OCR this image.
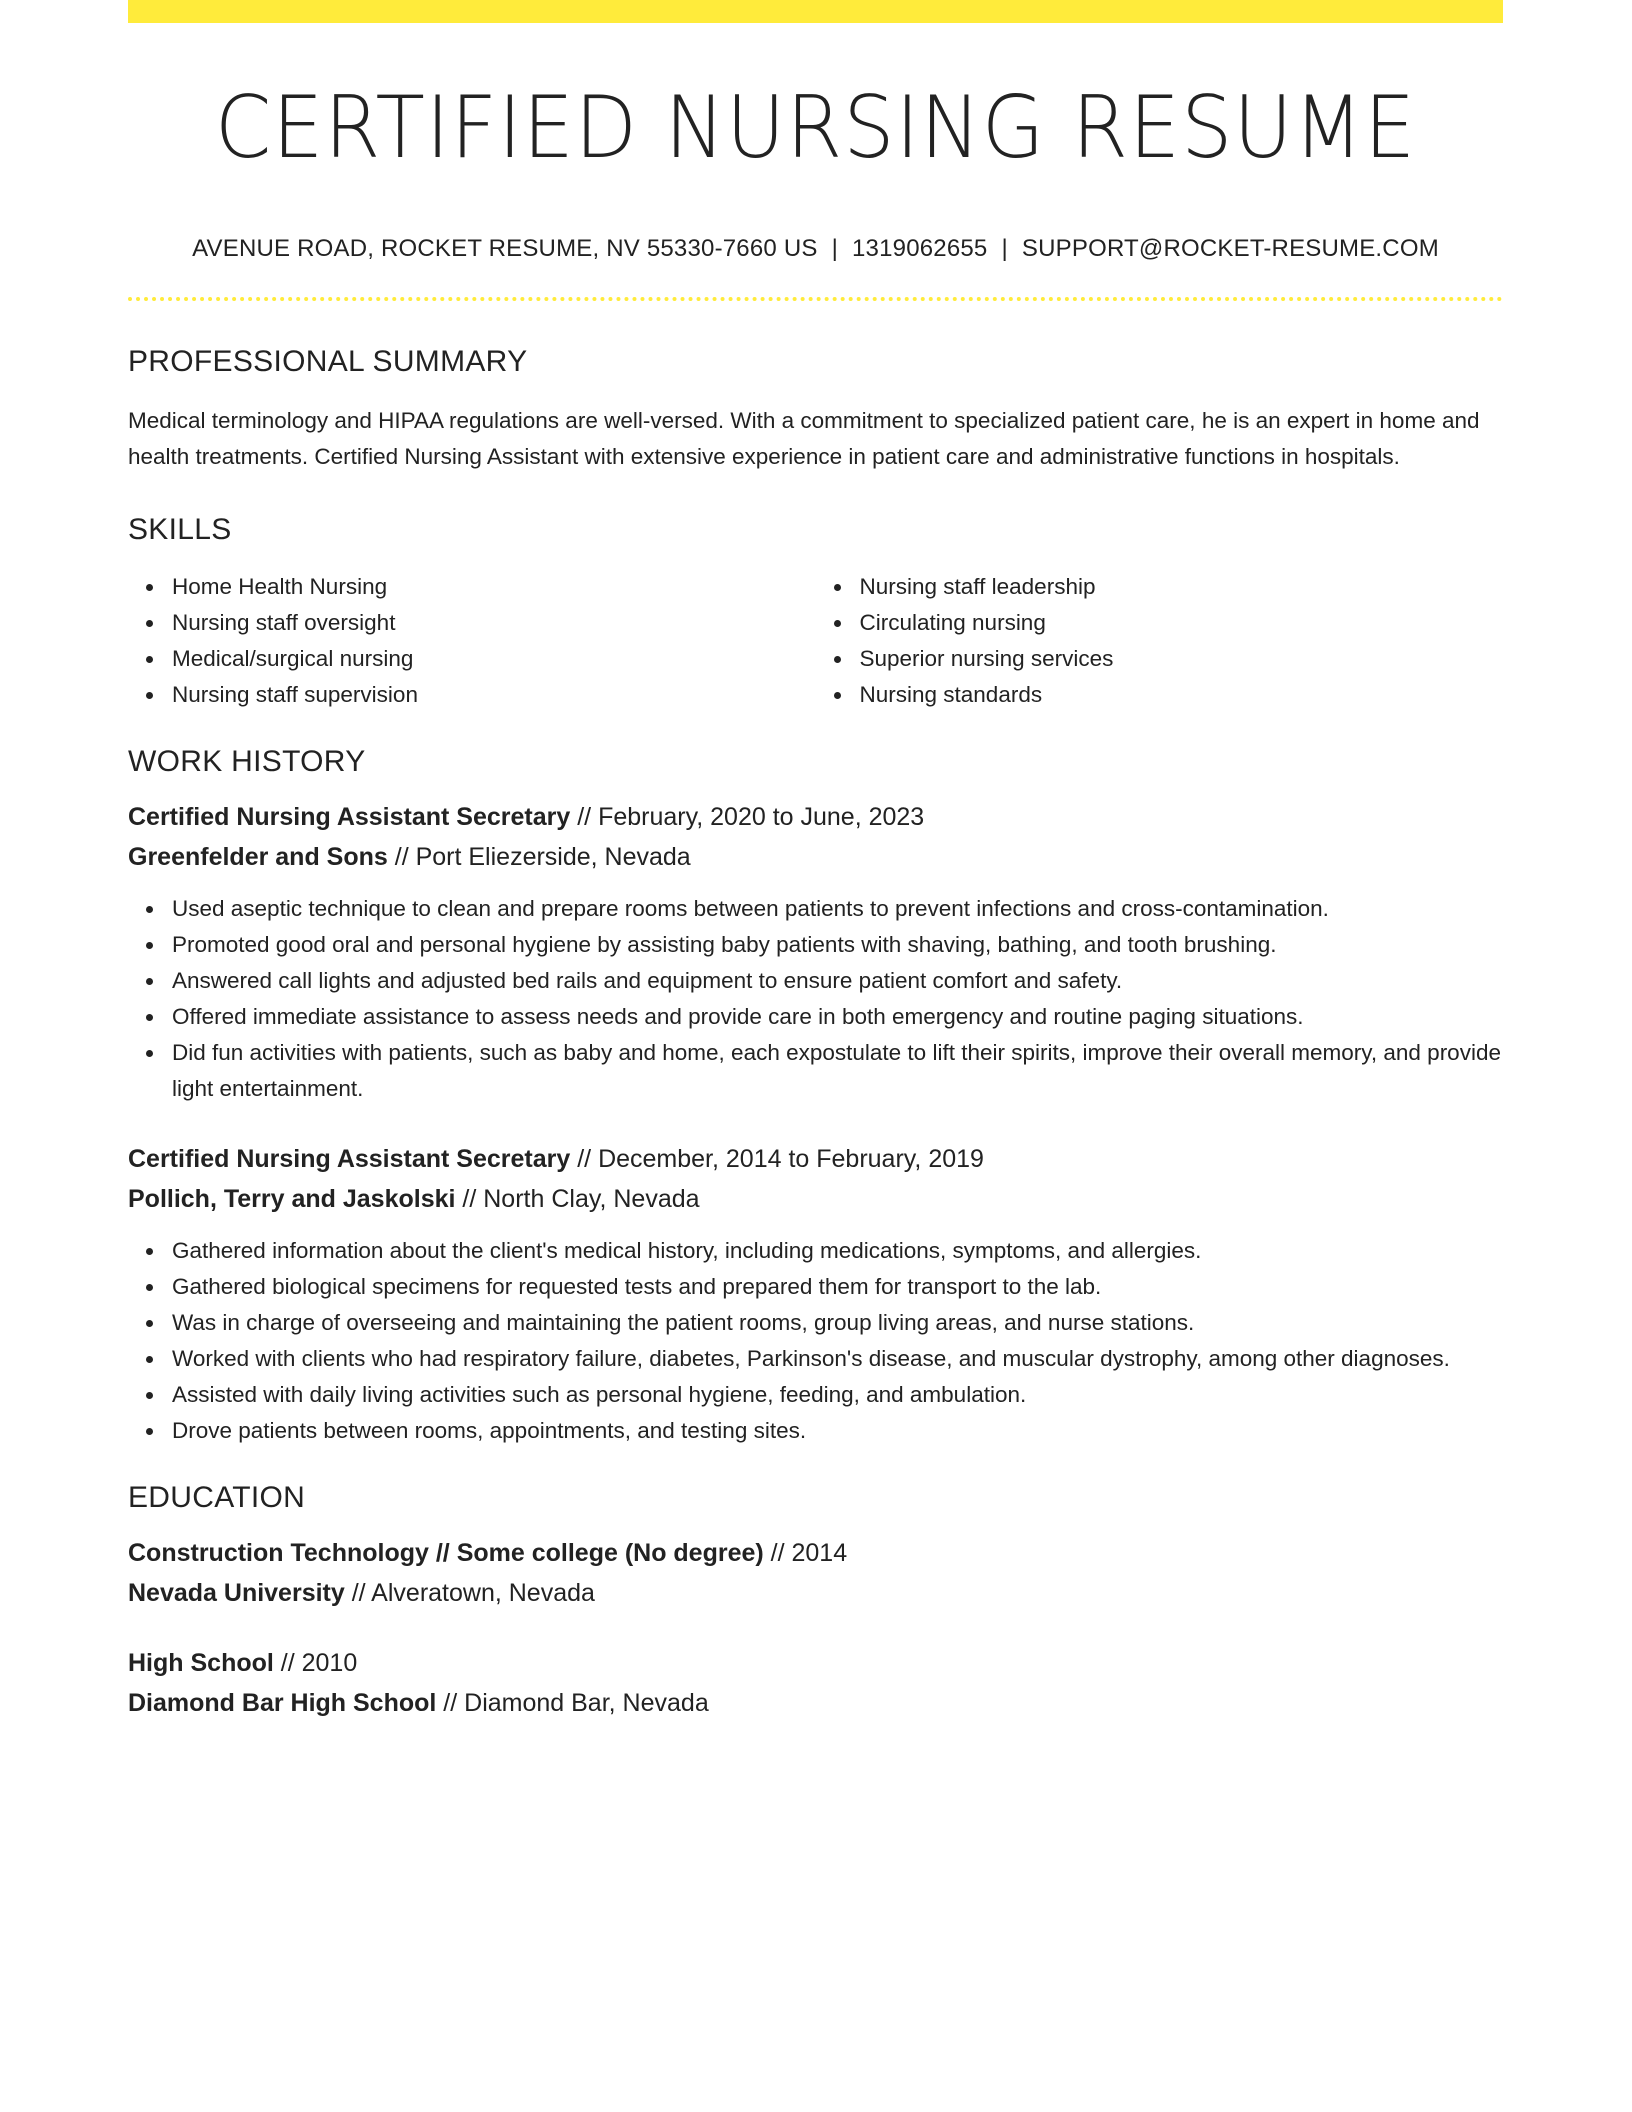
CERTIFIED NURSING RESUME
AVENUE ROAD, ROCKET RESUME, NV 55330-7660 US | 1319062655 | SUPPORT@ROCKET-RESUME.COM
PROFESSIONAL SUMMARY

Medical terminology and HIPAA regulations are well-versed. With a commitment to specialized patient care, he is an expert in home and health treatments. Certified Nursing Assistant with extensive experience in patient care and administrative functions in hospitals.

SKILLS
Home Health Nursing
Nursing staff oversight
Medical/surgical nursing
Nursing staff supervision
Nursing staff leadership
Circulating nursing
Superior nursing services
Nursing standards
WORK HISTORY
Certified Nursing Assistant Secretary // February, 2020 to June, 2023
Greenfelder and Sons // Port Eliezerside, Nevada
Used aseptic technique to clean and prepare rooms between patients to prevent infections and cross-contamination.
Promoted good oral and personal hygiene by assisting baby patients with shaving, bathing, and tooth brushing.
Answered call lights and adjusted bed rails and equipment to ensure patient comfort and safety.
Offered immediate assistance to assess needs and provide care in both emergency and routine paging situations.
Did fun activities with patients, such as baby and home, each expostulate to lift their spirits, improve their overall memory, and provide light entertainment.
Certified Nursing Assistant Secretary // December, 2014 to February, 2019
Pollich, Terry and Jaskolski // North Clay, Nevada
Gathered information about the client's medical history, including medications, symptoms, and allergies.
Gathered biological specimens for requested tests and prepared them for transport to the lab.
Was in charge of overseeing and maintaining the patient rooms, group living areas, and nurse stations.
Worked with clients who had respiratory failure, diabetes, Parkinson's disease, and muscular dystrophy, among other diagnoses.
Assisted with daily living activities such as personal hygiene, feeding, and ambulation.
Drove patients between rooms, appointments, and testing sites.
EDUCATION
Construction Technology // Some college (No degree) // 2014
Nevada University // Alveratown, Nevada
High School // 2010
Diamond Bar High School // Diamond Bar, Nevada
